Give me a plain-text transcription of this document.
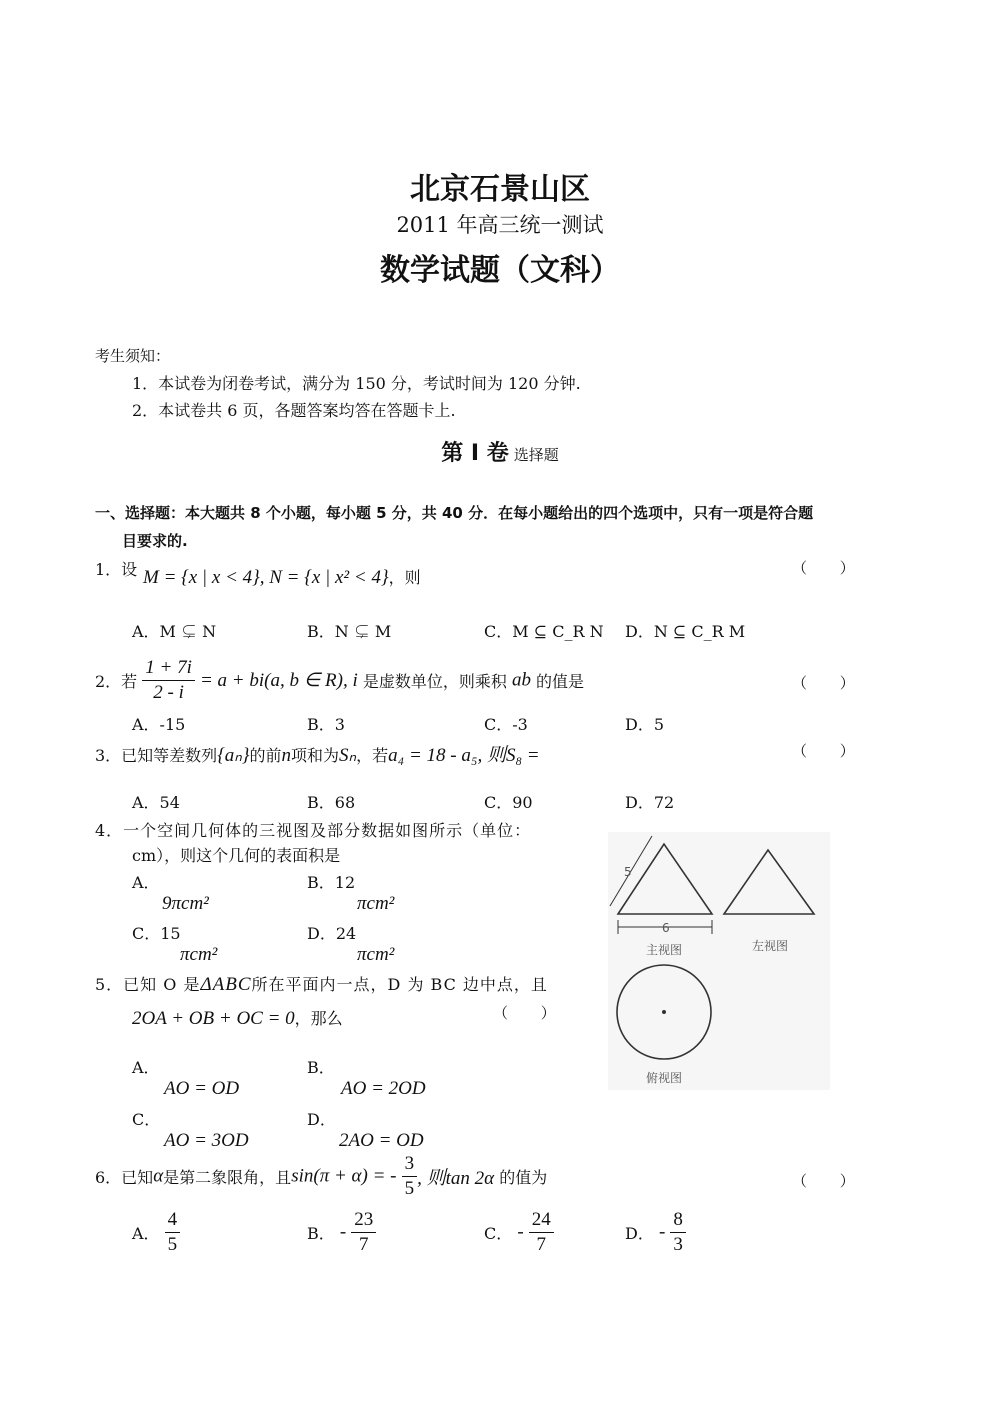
北京石景山区
2011 年高三统一测试
数学试题（文科）
考生须知：
1．本试卷为闭卷考试，满分为 150 分，考试时间为 120 分钟.
2．本试卷共 6 页，各题答案均答在答题卡上.
第 I 卷 选择题
一、选择题：本大题共 8 个小题，每小题 5 分，共 40 分．在每小题给出的四个选项中，只有一项是符合题
目要求的.
1．设 M = {x | x < 4}, N = {x | x² < 4}，则	（ ）
A．M ⊊ N	B．N ⊊ M	C．M ⊆ C_R N D．N ⊆ C_R M
2．若 $\frac{1 + 7i}{2 - i} = a + bi(a$, b ∈ R), i 是虚数单位，则乘积 ab 的值是	（ ）
A．-15	B．3	C．-3	D．5
3．已知等差数列{aₙ}的前n项和为Sₙ，若a₄ = 18 - a₅, 则S₈ =	（ ）
A．54	B．68	C．90	D．72
4．一个空间几何体的三视图及部分数据如图所示（单位：
cm），则这个几何的表面积是
A．
9πcm²
B．12
πcm²
C．15
πcm²
D．24
πcm²
5
6
主视图	左视图
俯视图
5．已知 O 是ΔABC所在平面内一点，D 为 BC 边中点，且
2OA + OB + OC = 0，那么	（ ）
A．
AO = OD
B．
AO = 2OD
C．
AO = 3OD
D．
2AO = OD
6．已知α是第二象限角，且sin(π + α) = - $\frac{3}{5}$ , 则tan 2α 的值为	（ ）
A． $\frac{4}{5}$	B． - $\frac{23}{7}$	C． - $\frac{24}{7}$	D． - $\frac{8}{3}$
